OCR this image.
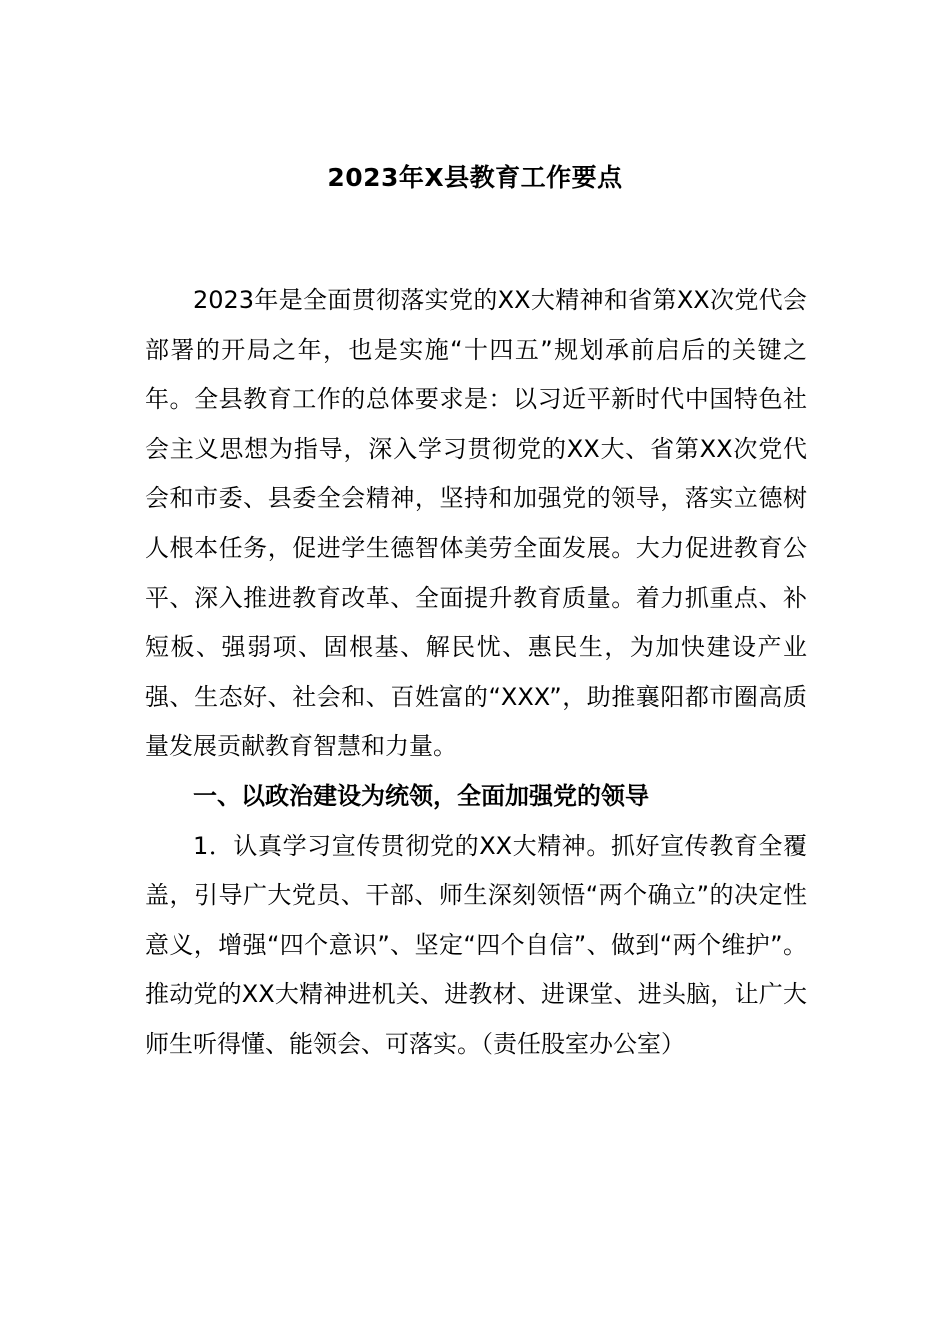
2023年X县教育工作要点

2023年是全面贯彻落实党的XX大精神和省第XX次党代会部署的开局之年，也是实施“十四五”规划承前启后的关键之年。全县教育工作的总体要求是：以习近平新时代中国特色社会主义思想为指导，深入学习贯彻党的XX大、省第XX次党代会和市委、县委全会精神，坚持和加强党的领导，落实立德树人根本任务，促进学生德智体美劳全面发展。大力促进教育公平、深入推进教育改革、全面提升教育质量。着力抓重点、补短板、强弱项、固根基、解民忧、惠民生，为加快建设产业强、生态好、社会和、百姓富的“XXX”，助推襄阳都市圈高质量发展贡献教育智慧和力量。

一、以政治建设为统领，全面加强党的领导

1．认真学习宣传贯彻党的XX大精神。抓好宣传教育全覆盖，引导广大党员、干部、师生深刻领悟“两个确立”的决定性意义，增强“四个意识”、坚定“四个自信”、做到“两个维护”。推动党的XX大精神进机关、进教材、进课堂、进头脑，让广大师生听得懂、能领会、可落实。（责任股室办公室）
